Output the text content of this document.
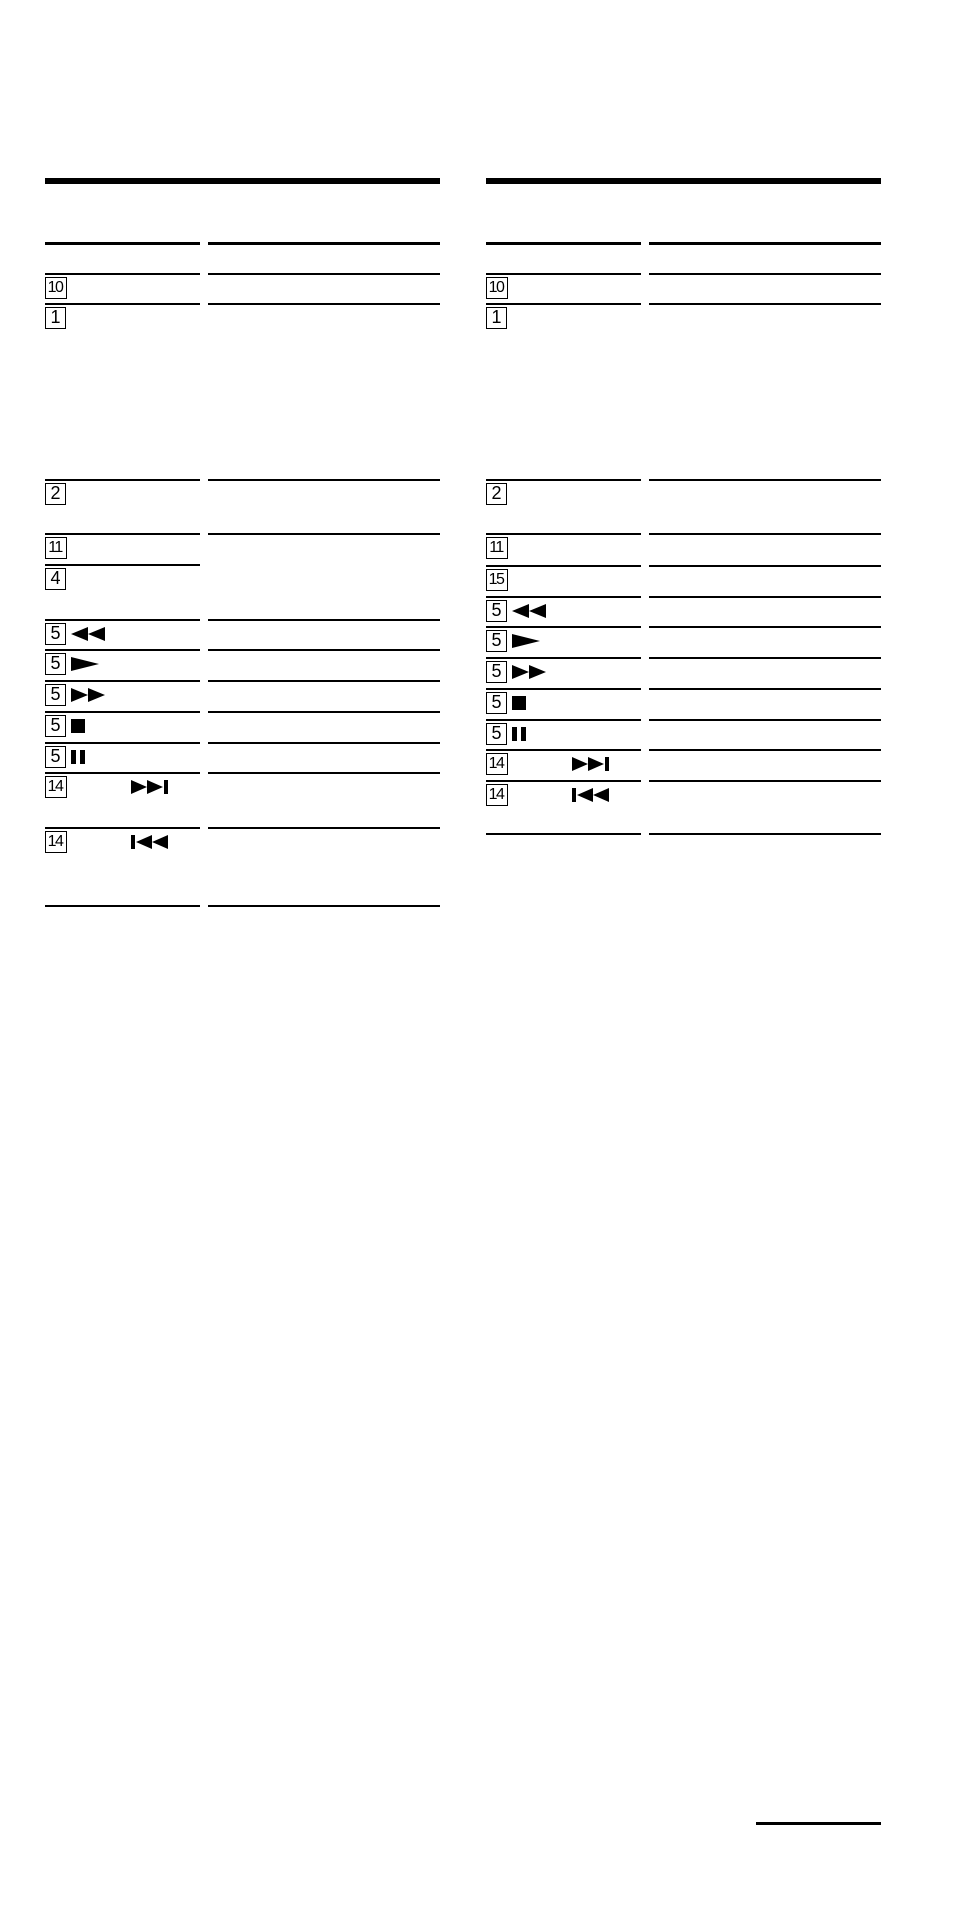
10
1
2
11
4
5
5
5
5
5
14
14
10
1
2
11
15
5
5
5
5
5
14
14
